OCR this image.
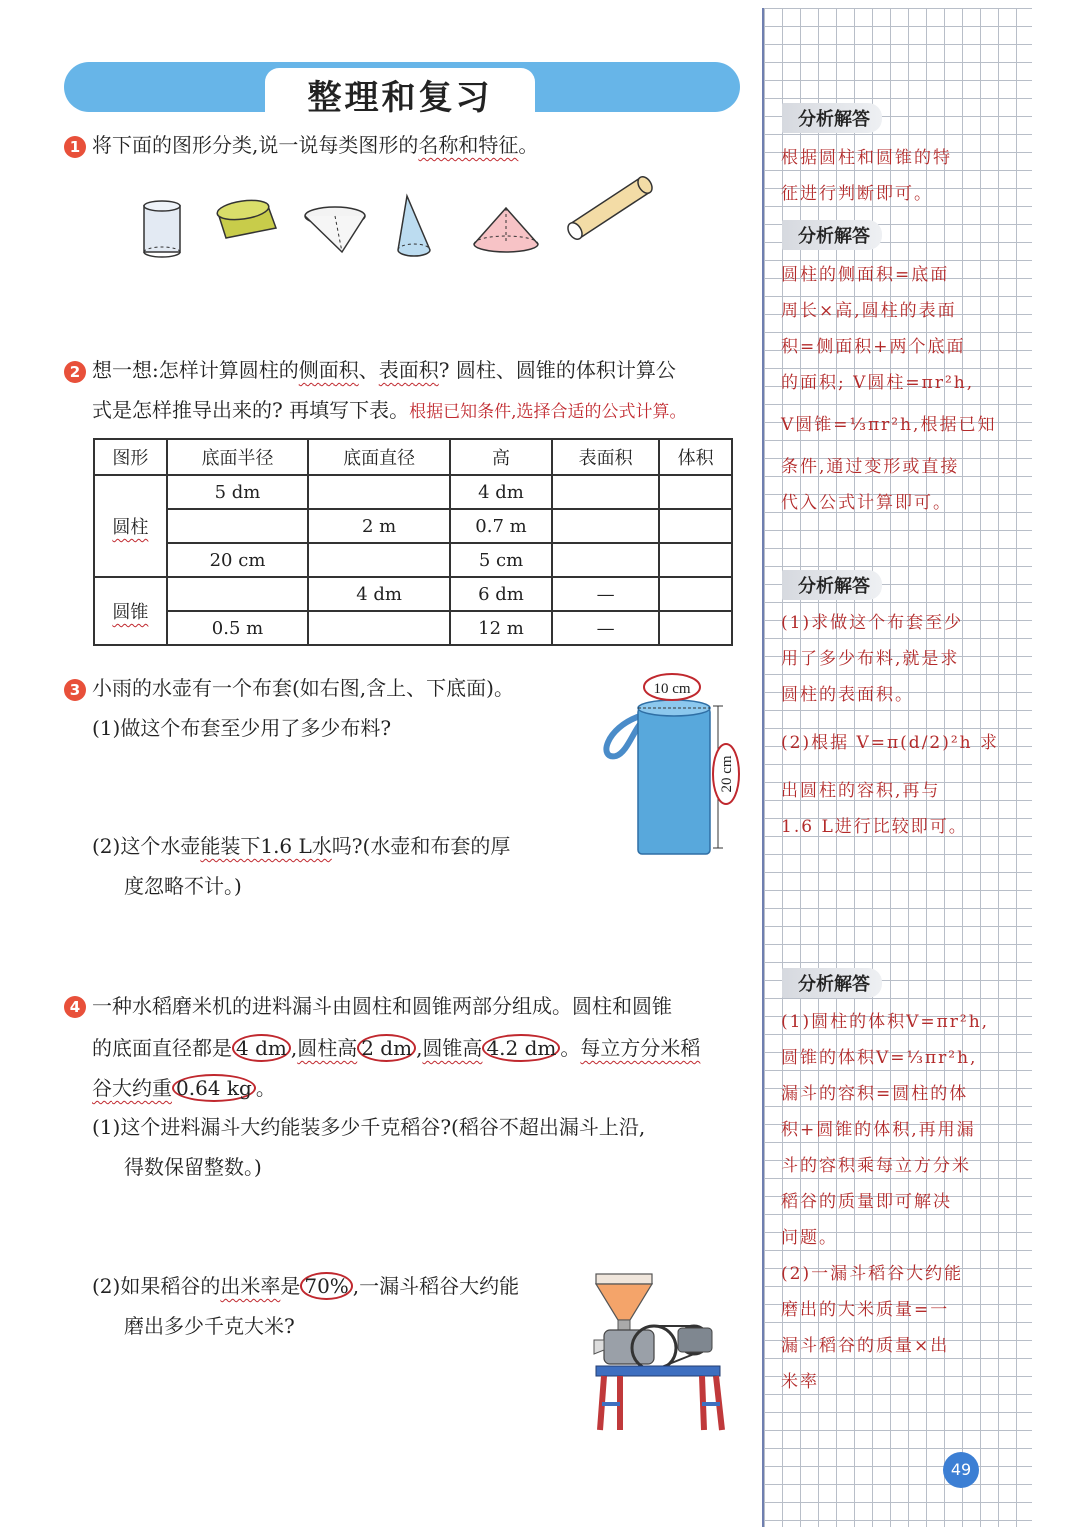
整理和复习
1 将下面的图形分类,说一说每类图形的名称和特征。
2 想一想:怎样计算圆柱的侧面积、表面积? 圆柱、圆锥的体积计算公
式是怎样推导出来的? 再填写下表。根据已知条件,选择合适的公式计算。
图形	底面半径	底面直径	高	表面积	体积
圆柱	5 dm		4 dm		
		2 m	0.7 m		
	20 cm		5 cm		
圆锥		4 dm	6 dm	—	
	0.5 m		12 m	—	
3 小雨的水壶有一个布套(如右图,含上、下底面)。
(1)做这个布套至少用了多少布料?
(2)这个水壶能装下1.6 L水吗?(水壶和布套的厚
度忽略不计。)
10 cm
20 cm
4 一种水稻磨米机的进料漏斗由圆柱和圆锥两部分组成。圆柱和圆锥
的底面直径都是 4 dm ,圆柱高 2 dm ,圆锥高 4.2 dm 。每立方分米稻
谷大约重 0.64 kg 。
(1)这个进料漏斗大约能装多少千克稻谷?(稻谷不超出漏斗上沿,
得数保留整数。)
(2)如果稻谷的出米率是 70% ,一漏斗稻谷大约能
磨出多少千克大米?
分析解答
根据圆柱和圆锥的特
征进行判断即可。
分析解答
圆柱的侧面积=底面
周长×高,圆柱的表面
积=侧面积+两个底面
的面积; V圆柱=πr²h,
V圆锥=⅓πr²h,根据已知
条件,通过变形或直接
代入公式计算即可。
分析解答
(1)求做这个布套至少
用了多少布料,就是求
圆柱的表面积。
(2)根据 V=π(d/2)²h 求
出圆柱的容积,再与
1.6 L进行比较即可。
分析解答
(1)圆柱的体积V=πr²h,
圆锥的体积V=⅓πr²h,
漏斗的容积=圆柱的体
积+圆锥的体积,再用漏
斗的容积乘每立方分米
稻谷的质量即可解决
问题。
(2)一漏斗稻谷大约能
磨出的大米质量=一
漏斗稻谷的质量×出
米率
49
